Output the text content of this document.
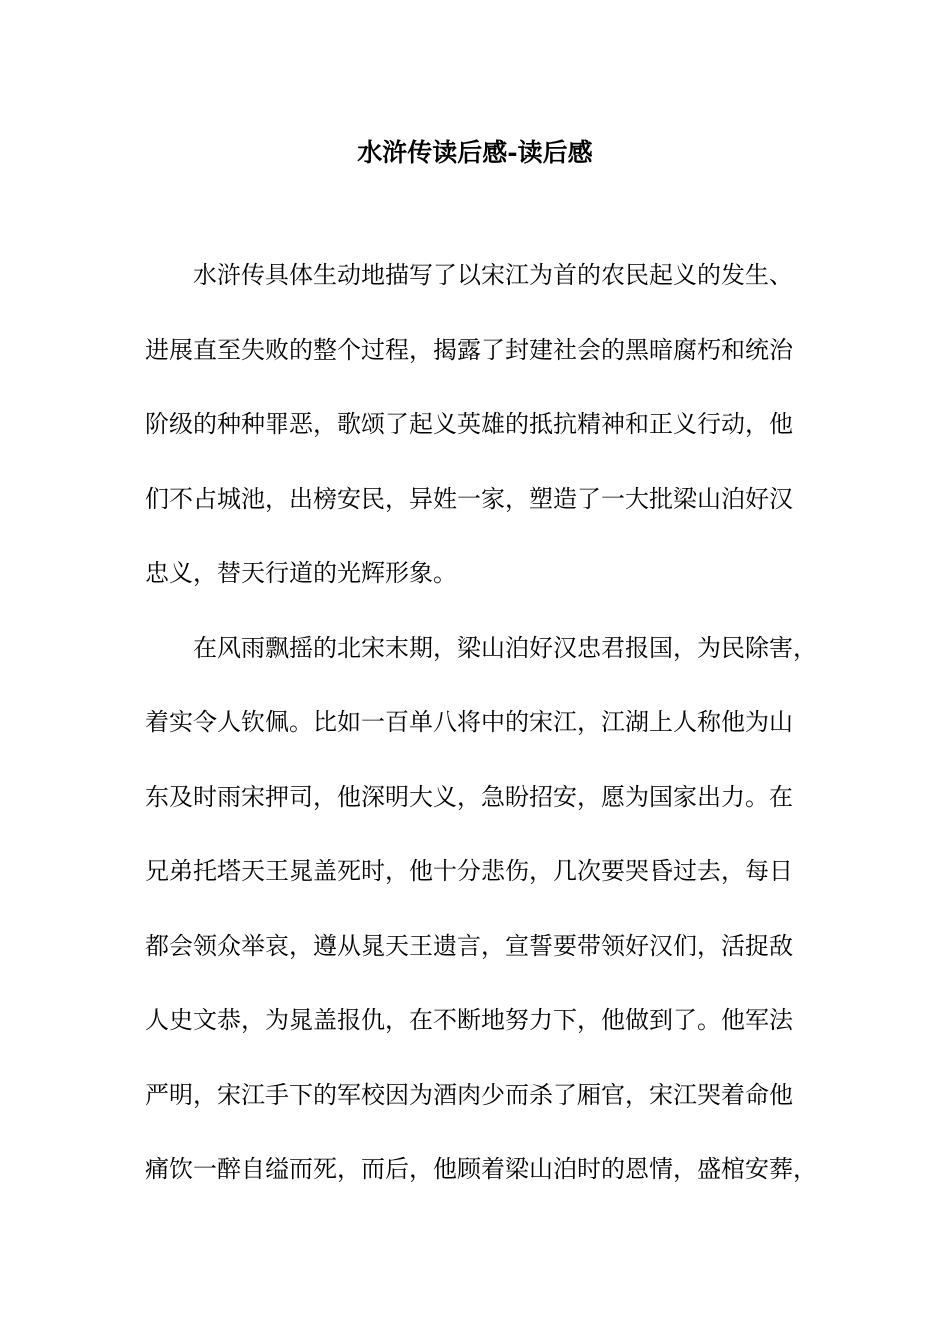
水浒传读后感-读后感

水浒传具体生动地描写了以宋江为首的农民起义的发生、

进展直至失败的整个过程，揭露了封建社会的黑暗腐朽和统治

阶级的种种罪恶，歌颂了起义英雄的抵抗精神和正义行动，他

们不占城池，出榜安民，异姓一家，塑造了一大批梁山泊好汉

忠义，替天行道的光辉形象。

在风雨飘摇的北宋末期，梁山泊好汉忠君报国，为民除害，

着实令人钦佩。比如一百单八将中的宋江，江湖上人称他为山

东及时雨宋押司，他深明大义，急盼招安，愿为国家出力。在

兄弟托塔天王晁盖死时，他十分悲伤，几次要哭昏过去，每日

都会领众举哀，遵从晁天王遗言，宣誓要带领好汉们，活捉敌

人史文恭，为晁盖报仇，在不断地努力下，他做到了。他军法

严明，宋江手下的军校因为酒肉少而杀了厢官，宋江哭着命他

痛饮一醉自缢而死，而后，他顾着梁山泊时的恩情，盛棺安葬，
